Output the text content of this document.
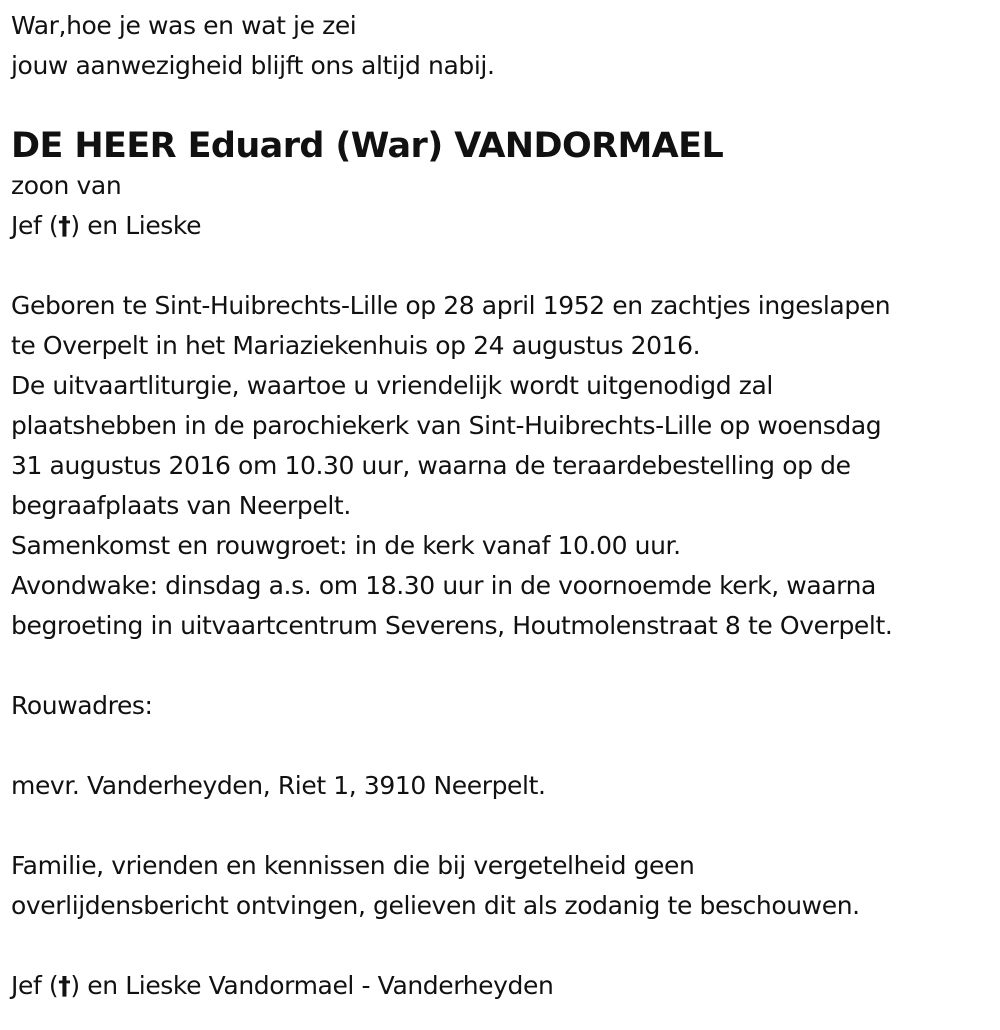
War,hoe je was en wat je zei
jouw aanwezigheid blijft ons altijd nabij.
DE HEER Eduard (War) VANDORMAEL
zoon van
Jef (†) en Lieske
Geboren te Sint-Huibrechts-Lille op 28 april 1952 en zachtjes ingeslapen
te Overpelt in het Mariaziekenhuis op 24 augustus 2016.
De uitvaartliturgie, waartoe u vriendelijk wordt uitgenodigd zal
plaatshebben in de parochiekerk van Sint-Huibrechts-Lille op woensdag
31 augustus 2016 om 10.30 uur, waarna de teraardebestelling op de
begraafplaats van Neerpelt.
Samenkomst en rouwgroet: in de kerk vanaf 10.00 uur.
Avondwake: dinsdag a.s. om 18.30 uur in de voornoemde kerk, waarna
begroeting in uitvaartcentrum Severens, Houtmolenstraat 8 te Overpelt.
Rouwadres:
mevr. Vanderheyden, Riet 1, 3910 Neerpelt.
Familie, vrienden en kennissen die bij vergetelheid geen
overlijdensbericht ontvingen, gelieven dit als zodanig te beschouwen.
Jef (†) en Lieske Vandormael - Vanderheyden
